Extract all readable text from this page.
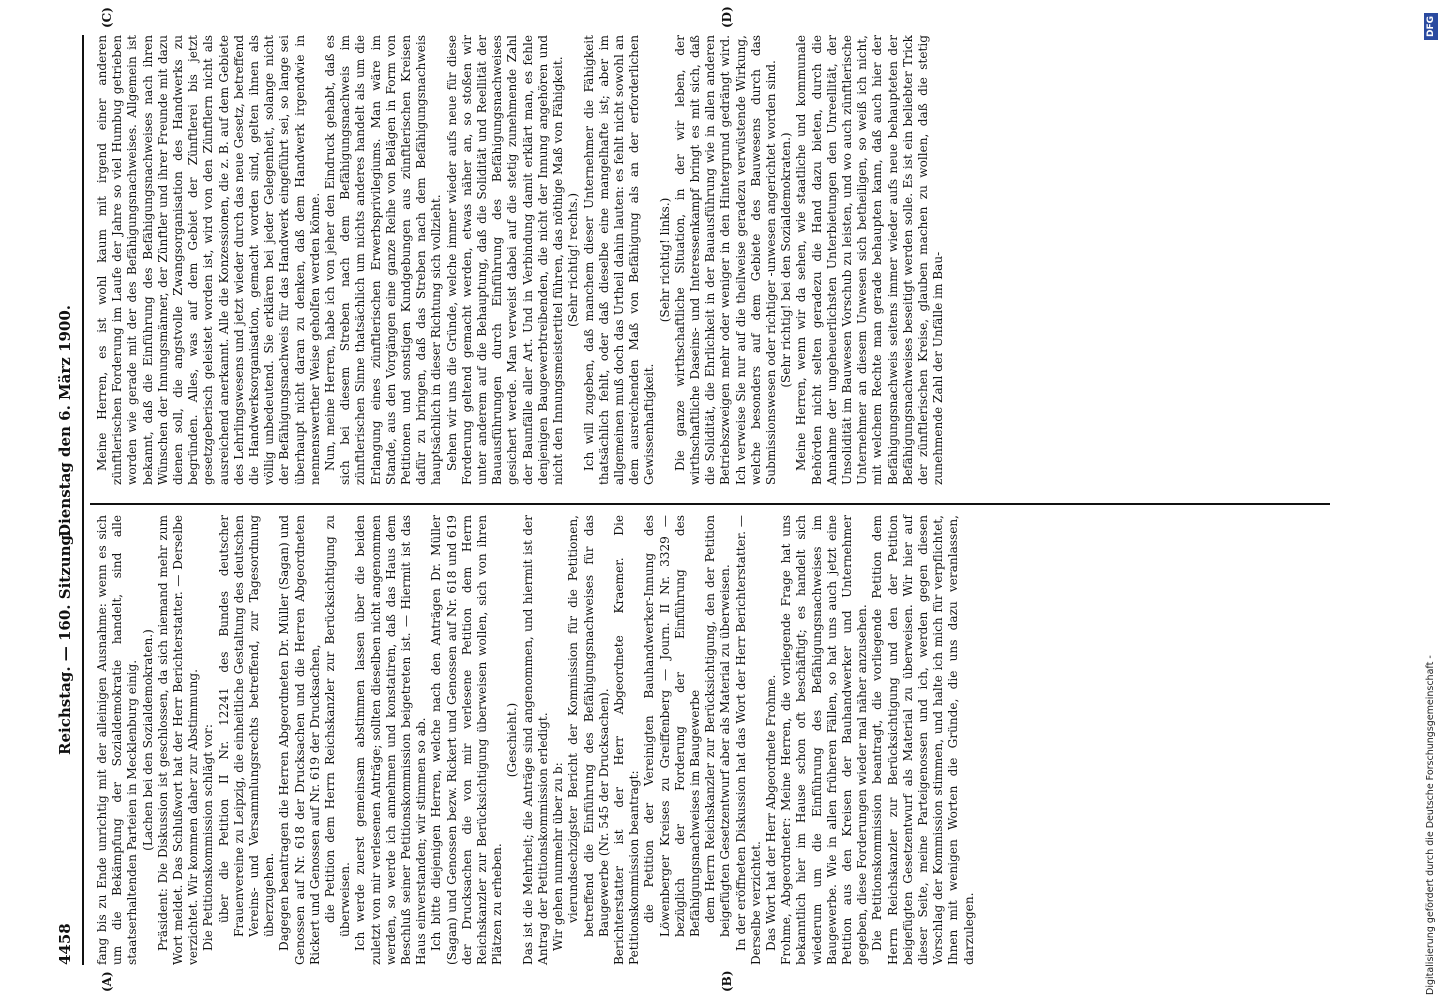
4458
Reichstag. — 160. Sitzung.
Dienstag den 6. März 1900.
(A)	(B)
(C)	(D)

fang bis zu Ende unrichtig mit der alleinigen Ausnahme: wenn es sich um die Bekämpfung der Sozialdemokratie handelt, sind alle staatserhaltenden Parteien in Mecklenburg einig. (Lachen bei den Sozialdemokraten.) Präsident: Die Diskussion ist geschlossen, da sich niemand mehr zum Wort meldet. Das Schlußwort hat der Herr Berichterstatter. — Derselbe verzichtet. Wir kommen daher zur Abstimmung. Die Petitionskommission schlägt vor: über die Petition II Nr. 12241 des Bundes deutscher Frauenvereine zu Leipzig, die einheitliche Gestaltung des deutschen Vereins- und Versammlungsrechts betreffend, zur Tagesordnung überzugehen. Dagegen beantragen die Herren Abgeordneten Dr. Müller (Sagan) und Genossen auf Nr. 618 der Drucksachen und die Herren Abgeordneten Rickert und Genossen auf Nr. 619 der Drucksachen, die Petition dem Herrn Reichskanzler zur Berücksichtigung zu überweisen. Ich werde zuerst gemeinsam abstimmen lassen über die beiden zuletzt von mir verlesenen Anträge; sollten dieselben nicht angenommen werden, so werde ich annehmen und konstatiren, daß das Haus dem Beschluß seiner Petitionskommission beigetreten ist. — Hiermit ist das Haus einverstanden; wir stimmen so ab. Ich bitte diejenigen Herren, welche nach den Anträgen Dr. Müller (Sagan) und Genossen bezw. Rickert und Genossen auf Nr. 618 und 619 der Drucksachen die von mir verlesene Petition dem Herrn Reichskanzler zur Berücksichtigung überweisen wollen, sich von ihren Plätzen zu erheben.

(Geschieht.) Das ist die Mehrheit; die Anträge sind angenommen, und hiermit ist der Antrag der Petitionskommission erledigt. Wir gehen nunmehr über zu b: vierundsechzigster Bericht der Kommission für die Petitionen, betreffend die Einführung des Befähigungsnachweises für das Baugewerbe (Nr. 545 der Drucksachen). Berichterstatter ist der Herr Abgeordnete Kraemer. Die Petitionskommission beantragt: die Petition der Vereinigten Bauhandwerker-Innung des Löwenberger Kreises zu Greiffenberg — Journ. II Nr. 3329 — bezüglich der Forderung der Einführung des Befähigungsnachweises im Baugewerbe dem Herrn Reichskanzler zur Berücksichtigung, den der Petition beigefügten Gesetzentwurf aber als Material zu überweisen. In der eröffneten Diskussion hat das Wort der Herr Berichterstatter. — Derselbe verzichtet. Das Wort hat der Herr Abgeordnete Frohme. Frohme, Abgeordneter: Meine Herren, die vorliegende Frage hat uns bekanntlich hier im Hause schon oft beschäftigt; es handelt sich wiederum um die Einführung des Befähigungsnachweises im Baugewerbe. Wie in allen früheren Fällen, so hat uns auch jetzt eine Petition aus den Kreisen der Bauhandwerker und Unternehmer gegeben, diese Forderungen wieder mal näher anzusehen. Die Petitionskommission beantragt, die vorliegende Petition dem Herrn Reichskanzler zur Berücksichtigung und den der Petition beigefügten Gesetzentwurf als Material zu überweisen. Wir hier auf dieser Seite, meine Parteigenossen und ich, werden gegen diesen Vorschlag der Kommission stimmen, und halte ich mich für verpflichtet, Ihnen mit wenigen Worten die Gründe, die uns dazu veranlassen, darzulegen.

Meine Herren, es ist wohl kaum mit irgend einer anderen zünftlerischen Forderung im Laufe der Jahre so viel Humbug getrieben worden wie gerade mit der des Befähigungsnachweises. Allgemein ist bekannt, daß die Einführung des Befähigungsnachweises nach ihren Wünschen der Innungsmänner, der Zünftler und ihrer Freunde mit dazu dienen soll, die angstvolle Zwangsorganisation des Handwerks zu begründen. Alles, was auf dem Gebiet der Zünftlerei bis jetzt gesetzgeberisch geleistet worden ist, wird von den Zünftlern nicht als ausreichend anerkannt. Alle die Konzessionen, die z. B. auf dem Gebiete des Lehrlingswesens und jetzt wieder durch das neue Gesetz, betreffend die Handwerksorganisation, gemacht worden sind, gelten ihnen als völlig unbedeutend. Sie erklären bei jeder Gelegenheit, solange nicht der Befähigungsnachweis für das Handwerk eingeführt sei, so lange sei überhaupt nicht daran zu denken, daß dem Handwerk irgendwie in nennenswerther Weise geholfen werden könne. Nun, meine Herren, habe ich von jeher den Eindruck gehabt, daß es sich bei diesem Streben nach dem Befähigungsnachweis im zünftlerischen Sinne thatsächlich um nichts anderes handelt als um die Erlangung eines zünftlerischen Erwerbsprivilegiums. Man wäre im Stande, aus den Vorgängen eine ganze Reihe von Belägen in Form von Petitionen und sonstigen Kundgebungen aus zünftlerischen Kreisen dafür zu bringen, daß das Streben nach dem Befähigungsnachweis hauptsächlich in dieser Richtung sich vollzieht. Sehen wir uns die Gründe, welche immer wieder aufs neue für diese Forderung geltend gemacht werden, etwas näher an, so stoßen wir unter anderem auf die Behauptung, daß die Solidität und Reellität der Bauausführungen durch Einführung des Befähigungsnachweises gesichert werde. Man verweist dabei auf die stetig zunehmende Zahl der Baunfälle aller Art. Und in Verbindung damit erklärt man, es fehle denjenigen Baugewerbtreibenden, die nicht der Innung angehören und nicht den Innungsmeistertitel führen, das nöthige Maß von Fähigkeit. (Sehr richtig! rechts.) Ich will zugeben, daß manchem dieser Unternehmer die Fähigkeit thatsächlich fehlt, oder daß dieselbe eine mangelhafte ist; aber im allgemeinen muß doch das Urtheil dahin lauten: es fehlt nicht sowohl an dem ausreichenden Maß von Befähigung als an der erforderlichen Gewissenhaftigkeit.

(Sehr richtig! links.) Die ganze wirthschaftliche Situation, in der wir leben, der wirthschaftliche Daseins- und Interessenkampf bringt es mit sich, daß die Solidität, die Ehrlichkeit in der Bauausführung wie in allen anderen Betriebszweigen mehr oder weniger in den Hintergrund gedrängt wird. Ich verweise Sie nur auf die theilweise geradezu verwüstende Wirkung, welche besonders auf dem Gebiete des Bauwesens durch das Submissionswesen oder richtiger -unwesen angerichtet worden sind. (Sehr richtig! bei den Sozialdemokraten.) Meine Herren, wenn wir da sehen, wie staatliche und kommunale Behörden nicht selten geradezu die Hand dazu bieten, durch die Annahme der ungeheuerlichsten Unterbietungen den Unreellität, der Unsolidität im Bauwesen Vorschub zu leisten, und wo auch zünftlerische Unternehmer an diesem Unwesen sich betheiligen, so weiß ich nicht, mit welchem Rechte man gerade behaupten kann, daß auch hier der Befähigungsnachweis seitens immer wieder aufs neue behaupteten der Befähigungsnachweises beseitigt werden solle. Es ist ein beliebter Trick der zünftlerischen Kreise, glauben machen zu wollen, daß die stetig zunehmende Zahl der Unfälle im Bau-

Digitalisierung gefördert durch die Deutsche Forschungsgemeinschaft -
DFG
